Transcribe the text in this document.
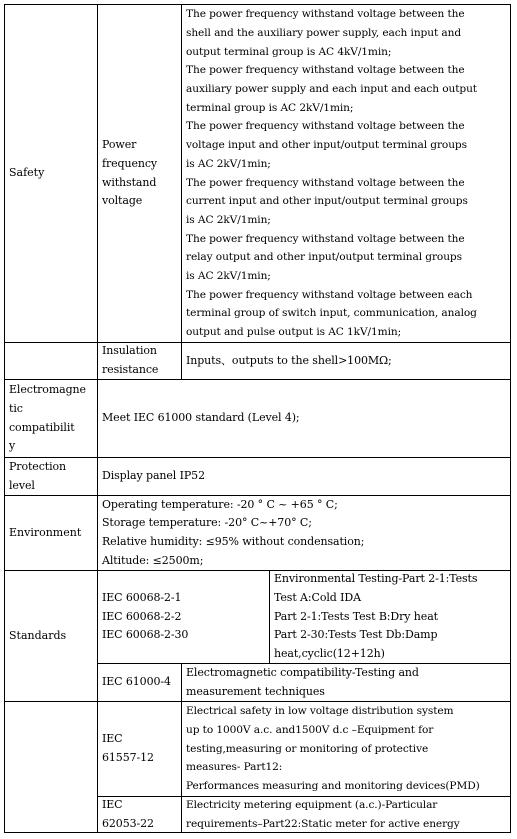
Safety
Power
frequency
withstand
voltage
The power frequency withstand voltage between the
shell and the auxiliary power supply, each input and
output terminal group is AC 4kV/1min;
The power frequency withstand voltage between the
auxiliary power supply and each input and each output
terminal group is AC 2kV/1min;
The power frequency withstand voltage between the
voltage input and other input/output terminal groups
is AC 2kV/1min;
The power frequency withstand voltage between the
current input and other input/output terminal groups
is AC 2kV/1min;
The power frequency withstand voltage between the
relay output and other input/output terminal groups
is AC 2kV/1min;
The power frequency withstand voltage between each
terminal group of switch input, communication, analog
output and pulse output is AC 1kV/1min;
Insulation
resistance
Inputs、outputs to the shell>100MΩ;
Electromagne
tic
compatibilit
y
Meet IEC 61000 standard (Level 4);
Protection
level
Display panel IP52
Environment
Operating temperature: -20 ° C ~ +65 ° C;
Storage temperature: -20° C~+70° C;
Relative humidity: ≤95% without condensation;
Altitude: ≤2500m;
Standards
IEC 60068-2-1
IEC 60068-2-2
IEC 60068-2-30
Environmental Testing-Part 2-1:Tests
Test A:Cold IDA
Part 2-1:Tests Test B:Dry heat
Part 2-30:Tests Test Db:Damp
heat,cyclic(12+12h)
IEC 61000-4
Electromagnetic compatibility-Testing and
measurement techniques
IEC
61557-12
Electrical safety in low voltage distribution system
up to 1000V a.c. and1500V d.c –Equipment for
testing,measuring or monitoring of protective
measures- Part12:
Performances measuring and monitoring devices(PMD)
IEC
62053-22
Electricity metering equipment (a.c.)-Particular
requirements–Part22:Static meter for active energy
